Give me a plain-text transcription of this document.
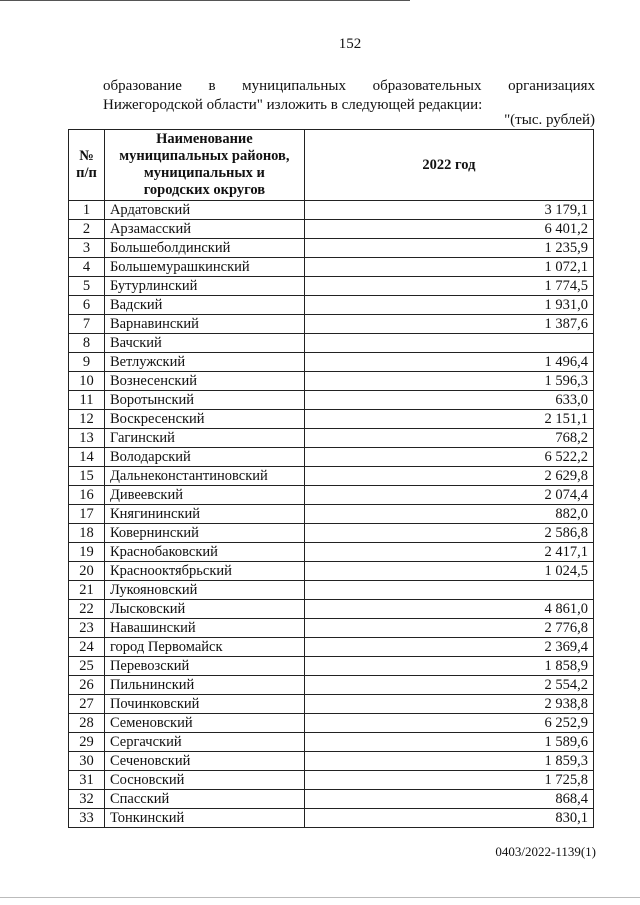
152
образование в муниципальных образовательных организациях
Нижегородской области" изложить в следующей редакции:
"(тыс. рублей)
№ п/п	Наименование муниципальных районов, муниципальных и городских округов	2022 год
1	Ардатовский	3 179,1
2	Арзамасский	6 401,2
3	Большеболдинский	1 235,9
4	Большемурашкинский	1 072,1
5	Бутурлинский	1 774,5
6	Вадский	1 931,0
7	Варнавинский	1 387,6
8	Вачский	
9	Ветлужский	1 496,4
10	Вознесенский	1 596,3
11	Воротынский	633,0
12	Воскресенский	2 151,1
13	Гагинский	768,2
14	Володарский	6 522,2
15	Дальнеконстантиновский	2 629,8
16	Дивеевский	2 074,4
17	Княгининский	882,0
18	Ковернинский	2 586,8
19	Краснобаковский	2 417,1
20	Краснооктябрьский	1 024,5
21	Лукояновский	
22	Лысковский	4 861,0
23	Навашинский	2 776,8
24	город Первомайск	2 369,4
25	Перевозский	1 858,9
26	Пильнинский	2 554,2
27	Починковский	2 938,8
28	Семеновский	6 252,9
29	Сергачский	1 589,6
30	Сеченовский	1 859,3
31	Сосновский	1 725,8
32	Спасский	868,4
33	Тонкинский	830,1
0403/2022-1139(1)
